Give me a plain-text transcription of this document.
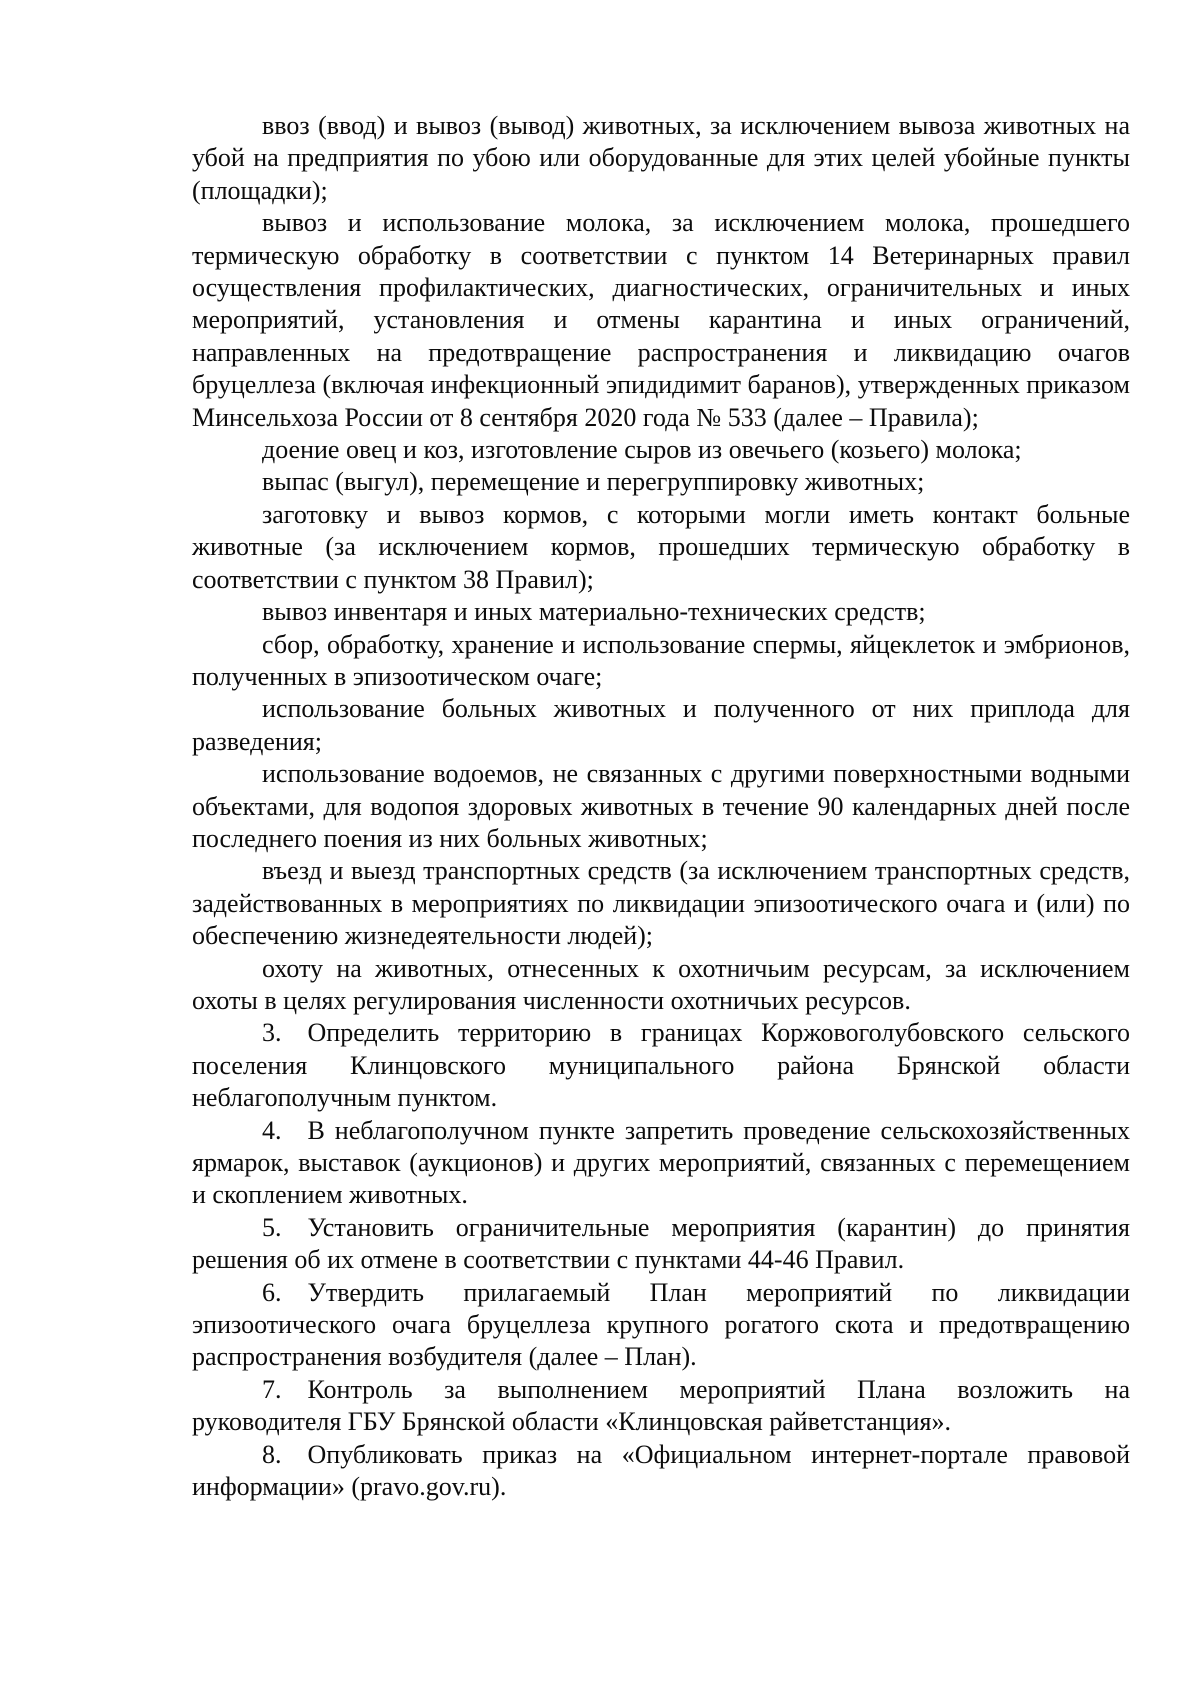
ввоз (ввод) и вывоз (вывод) животных, за исключением вывоза животных на убой на предприятия по убою или оборудованные для этих целей убойные пункты (площадки);

вывоз и использование молока, за исключением молока, прошедшего термическую обработку в соответствии с пунктом 14 Ветеринарных правил осуществления профилактических, диагностических, ограничительных и иных мероприятий, установления и отмены карантина и иных ограничений, направленных на предотвращение распространения и ликвидацию очагов бруцеллеза (включая инфекционный эпидидимит баранов), утвержденных приказом Минсельхоза России от 8 сентября 2020 года № 533 (далее – Правила);

доение овец и коз, изготовление сыров из овечьего (козьего) молока;

выпас (выгул), перемещение и перегруппировку животных;

заготовку и вывоз кормов, с которыми могли иметь контакт больные животные (за исключением кормов, прошедших термическую обработку в соответствии с пунктом 38 Правил);

вывоз инвентаря и иных материально-технических средств;

сбор, обработку, хранение и использование спермы, яйцеклеток и эмбрионов, полученных в эпизоотическом очаге;

использование больных животных и полученного от них приплода для разведения;

использование водоемов, не связанных с другими поверхностными водными объектами, для водопоя здоровых животных в течение 90 календарных дней после последнего поения из них больных животных;

въезд и выезд транспортных средств (за исключением транспортных средств, задействованных в мероприятиях по ликвидации эпизоотического очага и (или) по обеспечению жизнедеятельности людей);

охоту на животных, отнесенных к охотничьим ресурсам, за исключением охоты в целях регулирования численности охотничьих ресурсов.

3. Определить территорию в границах Коржовоголубовского сельского поселения Клинцовского муниципального района Брянской области неблагополучным пунктом.

4. В неблагополучном пункте запретить проведение сельскохозяйственных ярмарок, выставок (аукционов) и других мероприятий, связанных с перемещением и скоплением животных.

5. Установить ограничительные мероприятия (карантин) до принятия решения об их отмене в соответствии с пунктами 44-46 Правил.

6. Утвердить прилагаемый План мероприятий по ликвидации эпизоотического очага бруцеллеза крупного рогатого скота и предотвращению распространения возбудителя (далее – План).

7. Контроль за выполнением мероприятий Плана возложить на руководителя ГБУ Брянской области «Клинцовская райветстанция».

8. Опубликовать приказ на «Официальном интернет-портале правовой информации» (pravo.gov.ru).
